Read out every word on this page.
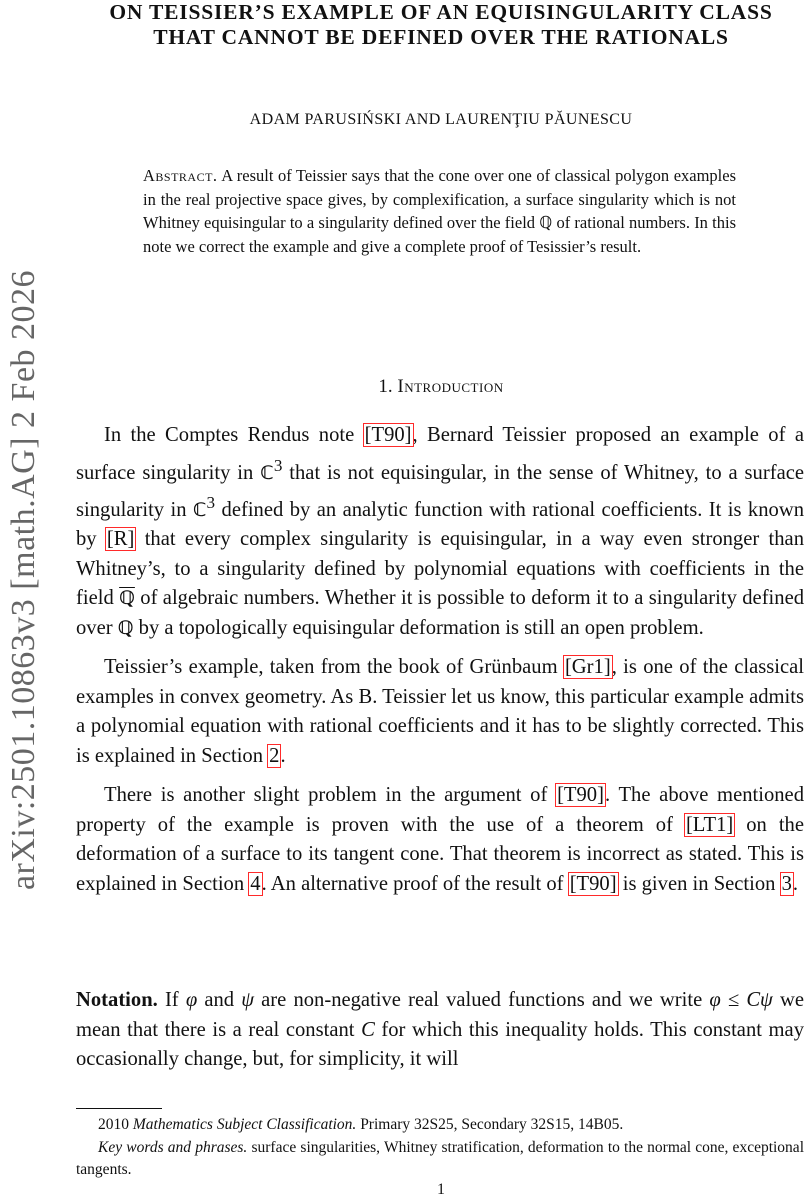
arXiv:2501.10863v3 [math.AG] 2 Feb 2026
ON TEISSIER’S EXAMPLE OF AN EQUISINGULARITY CLASS THAT CANNOT BE DEFINED OVER THE RATIONALS
ADAM PARUSIŃSKI AND LAURENŢIU PĂUNESCU

Abstract. A result of Teissier says that the cone over one of classical polygon examples in the real projective space gives, by complexification, a surface singularity which is not Whitney equisingular to a singularity defined over the field ℚ of rational numbers. In this note we correct the example and give a complete proof of Tesissier’s result.

1. Introduction

In the Comptes Rendus note [T90], Bernard Teissier proposed an example of a surface singularity in ℂ$^3$ that is not equisingular, in the sense of Whitney, to a surface singularity in ℂ$^3$ defined by an analytic function with rational coefficients. It is known by [R] that every complex singularity is equisingular, in a way even stronger than Whitney’s, to a singularity defined by polynomial equations with coefficients in the field ℚ of algebraic numbers. Whether it is possible to deform it to a singularity defined over ℚ by a topologically equisingular deformation is still an open problem.

Teissier’s example, taken from the book of Grünbaum [Gr1], is one of the classical examples in convex geometry. As B. Teissier let us know, this particular example admits a polynomial equation with rational coefficients and it has to be slightly corrected. This is explained in Section 2.

There is another slight problem in the argument of [T90]. The above mentioned property of the example is proven with the use of a theorem of [LT1] on the deformation of a surface to its tangent cone. That theorem is incorrect as stated. This is explained in Section 4. An alternative proof of the result of [T90] is given in Section 3.

Notation. If φ and ψ are non-negative real valued functions and we write φ ≤ Cψ we mean that there is a real constant C for which this inequality holds. This constant may occasionally change, but, for simplicity, it will

2010 Mathematics Subject Classification. Primary 32S25, Secondary 32S15, 14B05.

Key words and phrases. surface singularities, Whitney stratification, deformation to the normal cone, exceptional tangents.

1
